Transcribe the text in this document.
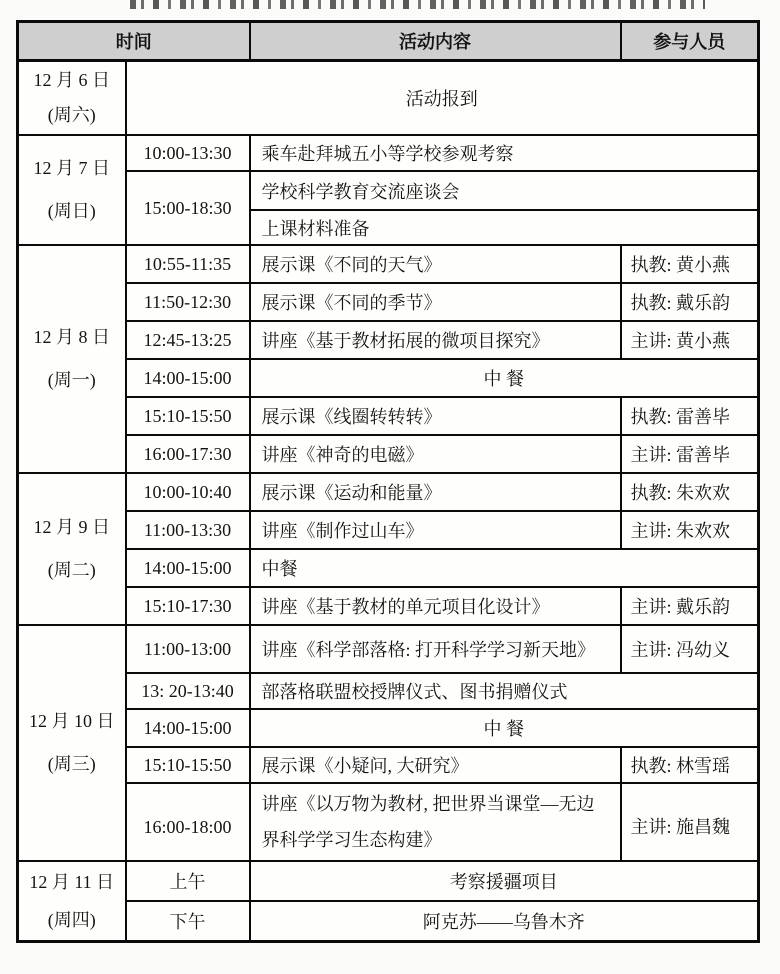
时间		活动内容	参与人员

12 月 6 日
(周六)	活动报到		

12 月 7 日
(周日)	10:00-13:30	乘车赴拜城五小等学校参观考察	
	15:00-18:30	学校科学教育交流座谈会	
		上课材料准备	

12 月 8 日
(周一)	10:55-11:35	展示课《不同的天气》	执教: 黄小燕
	11:50-12:30	展示课《不同的季节》	执教: 戴乐韵
	12:45-13:25	讲座《基于教材拓展的微项目探究》	主讲: 黄小燕
	14:00-15:00	中 餐	
	15:10-15:50	展示课《线圈转转转》	执教: 雷善毕
	16:00-17:30	讲座《神奇的电磁》	主讲: 雷善毕

12 月 9 日
(周二)	10:00-10:40	展示课《运动和能量》	执教: 朱欢欢
	11:00-13:30	讲座《制作过山车》	主讲: 朱欢欢
	14:00-15:00	中餐	
	15:10-17:30	讲座《基于教材的单元项目化设计》	主讲: 戴乐韵

12 月 10 日
(周三)	11:00-13:00	讲座《科学部落格: 打开科学学习新天地》	主讲: 冯幼义
	13: 20-13:40	部落格联盟校授牌仪式、图书捐赠仪式	
	14:00-15:00	中 餐	
	15:10-15:50	展示课《小疑问, 大研究》	执教: 林雪瑶
	16:00-18:00	讲座《以万物为教材, 把世界当课堂—无边界科学学习生态构建》	主讲: 施昌魏

12 月 11 日
(周四)	上午	考察援疆项目	
	下午	阿克苏——乌鲁木齐	
